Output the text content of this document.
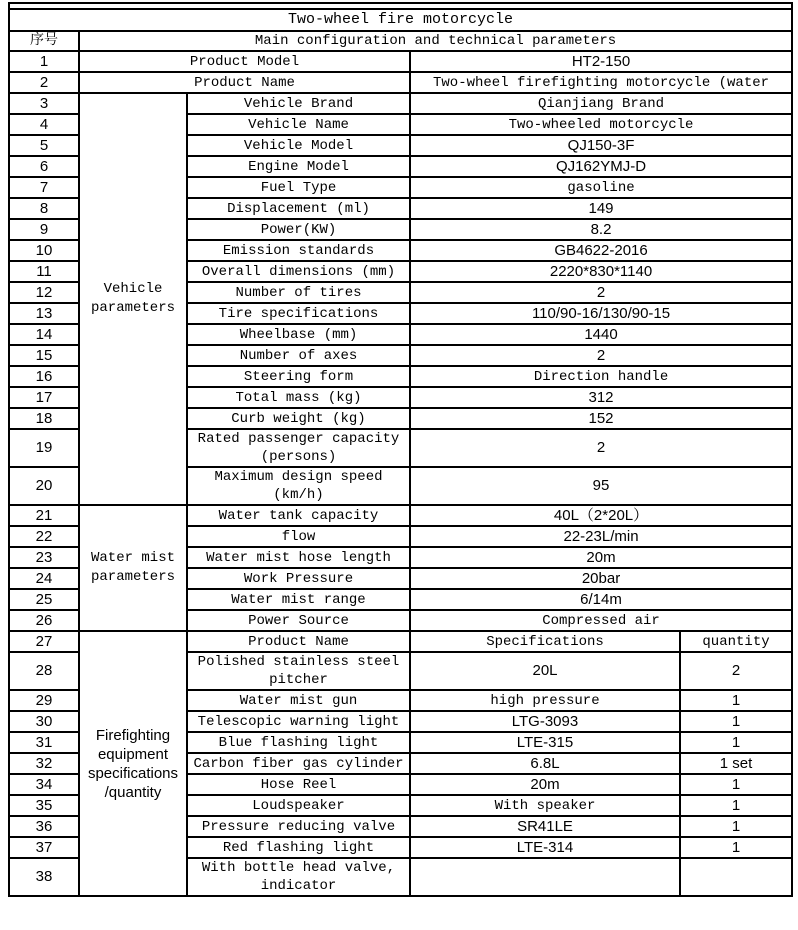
Two-wheel fire motorcycle				
序号	Main configuration and technical parameters			
1	Product Model		HT2-150	
2	Product Name		Two-wheel firefighting motorcycle (water	
3	Vehicle parameters	Vehicle Brand	Qianjiang Brand	
4		Vehicle Name	Two-wheeled motorcycle	
5		Vehicle Model	QJ150-3F	
6		Engine Model	QJ162YMJ-D	
7		Fuel Type	gasoline	
8		Displacement (ml)	149	
9		Power(KW)	8.2	
10		Emission standards	GB4622-2016	
11		Overall dimensions (mm)	2220*830*1140	
12		Number of tires	2	
13		Tire specifications	110/90-16/130/90-15	
14		Wheelbase (mm)	1440	
15		Number of axes	2	
16		Steering form	Direction handle	
17		Total mass (kg)	312	
18		Curb weight (kg)	152	
19		Rated passenger capacity (persons)	2	
20		Maximum design speed (km/h)	95	
21	Water mist parameters	Water tank capacity	40L（2*20L）	
22		flow	22-23L/min	
23		Water mist hose length	20m	
24		Work Pressure	20bar	
25		Water mist range	6/14m	
26		Power Source	Compressed air	
27	Firefighting equipment specifications /quantity	Product Name	Specifications	quantity
28		Polished stainless steel pitcher	20L	2
29		Water mist gun	high pressure	1
30		Telescopic warning light	LTG-3093	1
31		Blue flashing light	LTE-315	1
32		Carbon fiber gas cylinder	6.8L	1 set
34		Hose Reel	20m	1
35		Loudspeaker	With speaker	1
36		Pressure reducing valve	SR41LE	1
37		Red flashing light	LTE-314	1
38		With bottle head valve, indicator		
